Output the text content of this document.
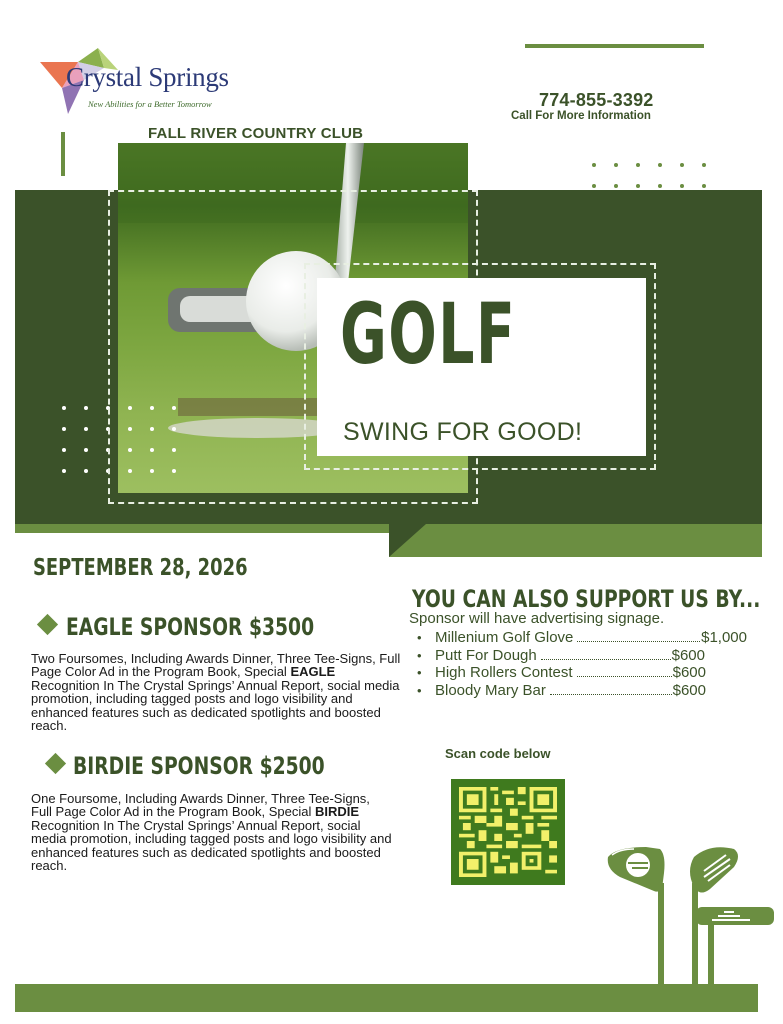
Crystal Springs
New Abilities for a Better Tomorrow	774-855-3392
Call For More Information
FALL RIVER COUNTRY CLUB
GOLF
SWING FOR GOOD!
SEPTEMBER 28, 2026
EAGLE SPONSOR $3500
Two Foursomes, Including Awards Dinner, Three Tee-Signs, Full Page Color Ad in the Program Book, Special EAGLE Recognition In The Crystal Springs’ Annual Report, social media promotion, including tagged posts and logo visibility and enhanced features such as dedicated spotlights and boosted reach.
BIRDIE SPONSOR $2500
One Foursome, Including Awards Dinner, Three Tee-Signs, Full Page Color Ad in the Program Book, Special BIRDIE Recognition In The Crystal Springs’ Annual Report, social media promotion, including tagged posts and logo visibility and enhanced features such as dedicated spotlights and boosted reach.
YOU CAN ALSO SUPPORT US BY...
Sponsor will have advertising signage.
• Millenium Golf Glove	$1,000
• Putt For Dough	$600
• High Rollers Contest	$600
• Bloody Mary Bar	$600
Scan code below
